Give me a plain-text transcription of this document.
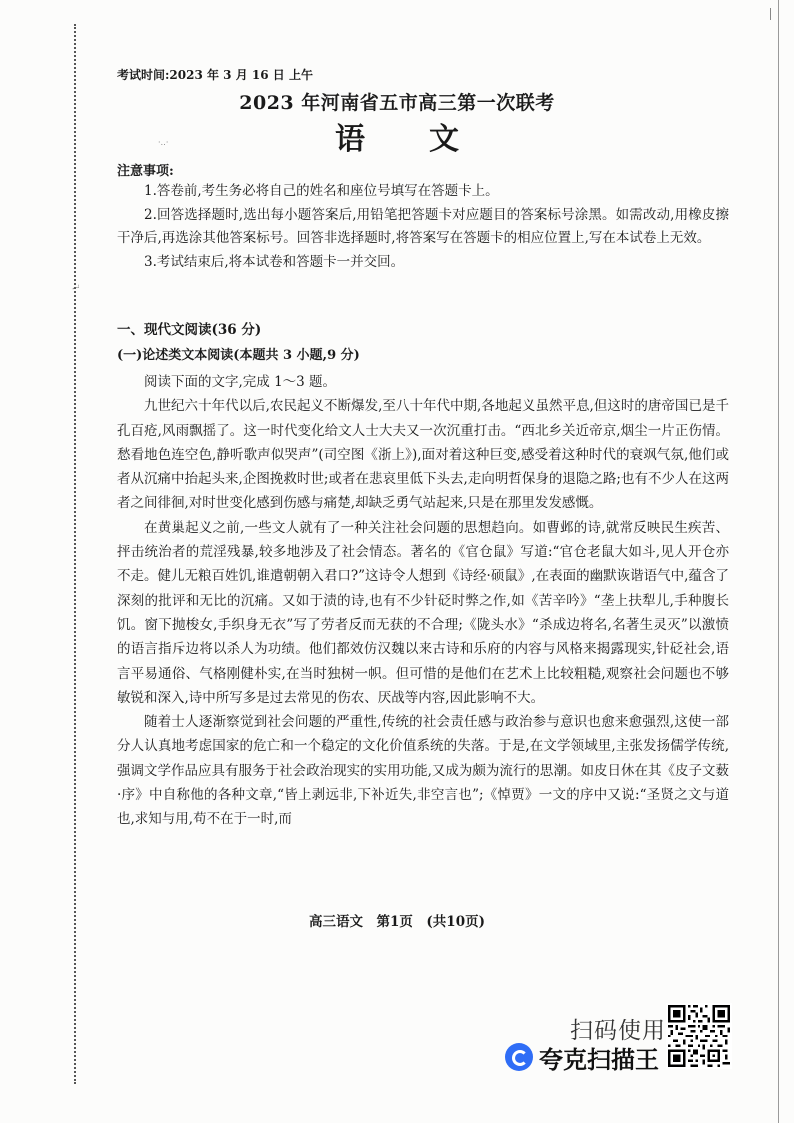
ㄟ
·‥·
考试时间:2023 年 3 月 16 日 上午
2023 年河南省五市高三第一次联考
语文
注意事项:

1.答卷前,考生务必将自己的姓名和座位号填写在答题卡上。

2.回答选择题时,选出每小题答案后,用铅笔把答题卡对应题目的答案标号涂黑。如需改动,用橡皮擦干净后,再选涂其他答案标号。回答非选择题时,将答案写在答题卡的相应位置上,写在本试卷上无效。

3.考试结束后,将本试卷和答题卡一并交回。

一、现代文阅读(36 分)
(一)论述类文本阅读(本题共 3 小题,9 分)

阅读下面的文字,完成 1～3 题。

九世纪六十年代以后,农民起义不断爆发,至八十年代中期,各地起义虽然平息,但这时的唐帝国已是千孔百疮,风雨飘摇了。这一时代变化给文人士大夫又一次沉重打击。“西北乡关近帝京,烟尘一片正伤情。愁看地色连空色,静听歌声似哭声”(司空图《浙上》),面对着这种巨变,感受着这种时代的衰飒气氛,他们或者从沉痛中抬起头来,企图挽救时世;或者在悲哀里低下头去,走向明哲保身的退隐之路;也有不少人在这两者之间徘徊,对时世变化感到伤感与痛楚,却缺乏勇气站起来,只是在那里发发感慨。

在黄巢起义之前,一些文人就有了一种关注社会问题的思想趋向。如曹邺的诗,就常反映民生疾苦、抨击统治者的荒淫残暴,较多地涉及了社会情态。著名的《官仓鼠》写道:“官仓老鼠大如斗,见人开仓亦不走。健儿无粮百姓饥,谁遣朝朝入君口?”这诗令人想到《诗经·硕鼠》,在表面的幽默诙谐语气中,蕴含了深刻的批评和无比的沉痛。又如于渍的诗,也有不少针砭时弊之作,如《苦辛吟》“垄上扶犁儿,手种腹长饥。窗下抛梭女,手织身无衣”写了劳者反而无获的不合理;《陇头水》“杀成边将名,名著生灵灭”以激愤的语言指斥边将以杀人为功绩。他们都效仿汉魏以来古诗和乐府的内容与风格来揭露现实,针砭社会,语言平易通俗、气格刚健朴实,在当时独树一帜。但可惜的是他们在艺术上比较粗糙,观察社会问题也不够敏锐和深入,诗中所写多是过去常见的伤农、厌战等内容,因此影响不大。

随着士人逐渐察觉到社会问题的严重性,传统的社会责任感与政治参与意识也愈来愈强烈,这使一部分人认真地考虑国家的危亡和一个稳定的文化价值系统的失落。于是,在文学领域里,主张发扬儒学传统,强调文学作品应具有服务于社会政治现实的实用功能,又成为颇为流行的思潮。如皮日休在其《皮子文薮·序》中自称他的各种文章,“皆上剥远非,下补近失,非空言也”;《悼贾》一文的序中又说:“圣贤之文与道也,求知与用,苟不在于一时,而

高三语文　第1页　(共10页)
扫码使用
夸克扫描王
